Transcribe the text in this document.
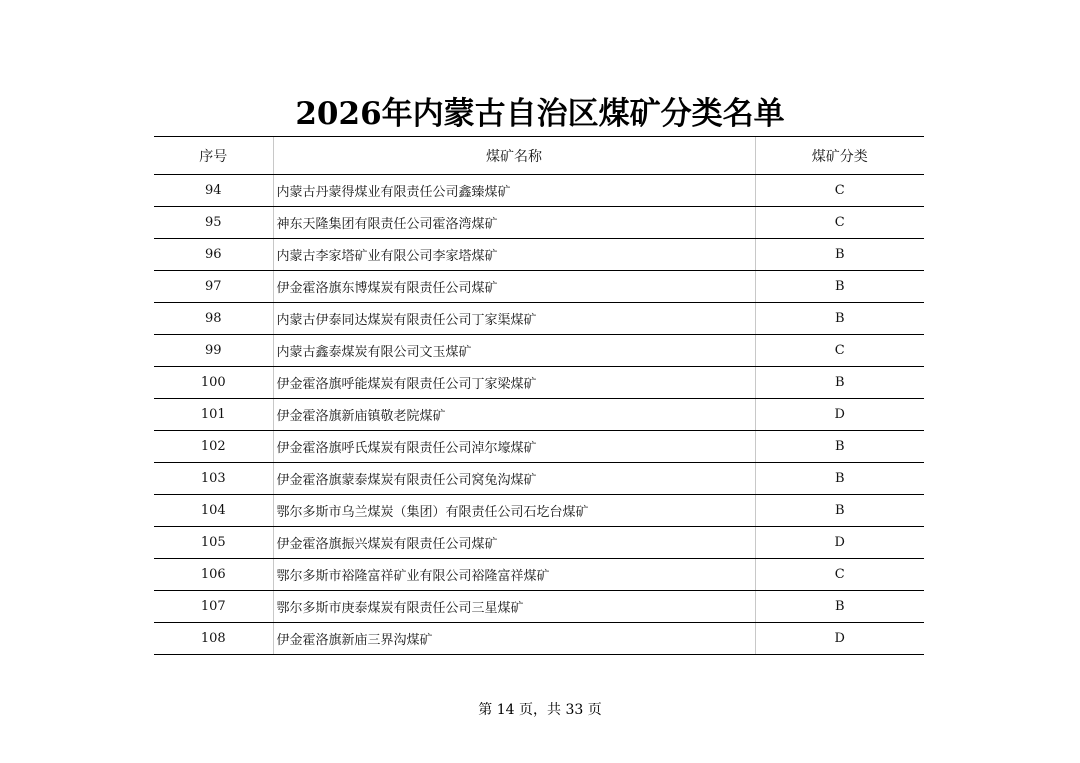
2026年内蒙古自治区煤矿分类名单
序号	煤矿名称	煤矿分类
94	内蒙古丹蒙得煤业有限责任公司鑫臻煤矿	C
95	神东天隆集团有限责任公司霍洛湾煤矿	C
96	内蒙古李家塔矿业有限公司李家塔煤矿	B
97	伊金霍洛旗东博煤炭有限责任公司煤矿	B
98	内蒙古伊泰同达煤炭有限责任公司丁家渠煤矿	B
99	内蒙古鑫泰煤炭有限公司文玉煤矿	C
100	伊金霍洛旗呼能煤炭有限责任公司丁家梁煤矿	B
101	伊金霍洛旗新庙镇敬老院煤矿	D
102	伊金霍洛旗呼氏煤炭有限责任公司淖尔壕煤矿	B
103	伊金霍洛旗蒙泰煤炭有限责任公司窝兔沟煤矿	B
104	鄂尔多斯市乌兰煤炭（集团）有限责任公司石圪台煤矿	B
105	伊金霍洛旗振兴煤炭有限责任公司煤矿	D
106	鄂尔多斯市裕隆富祥矿业有限公司裕隆富祥煤矿	C
107	鄂尔多斯市庚泰煤炭有限责任公司三星煤矿	B
108	伊金霍洛旗新庙三界沟煤矿	D
第 14 页，共 33 页
